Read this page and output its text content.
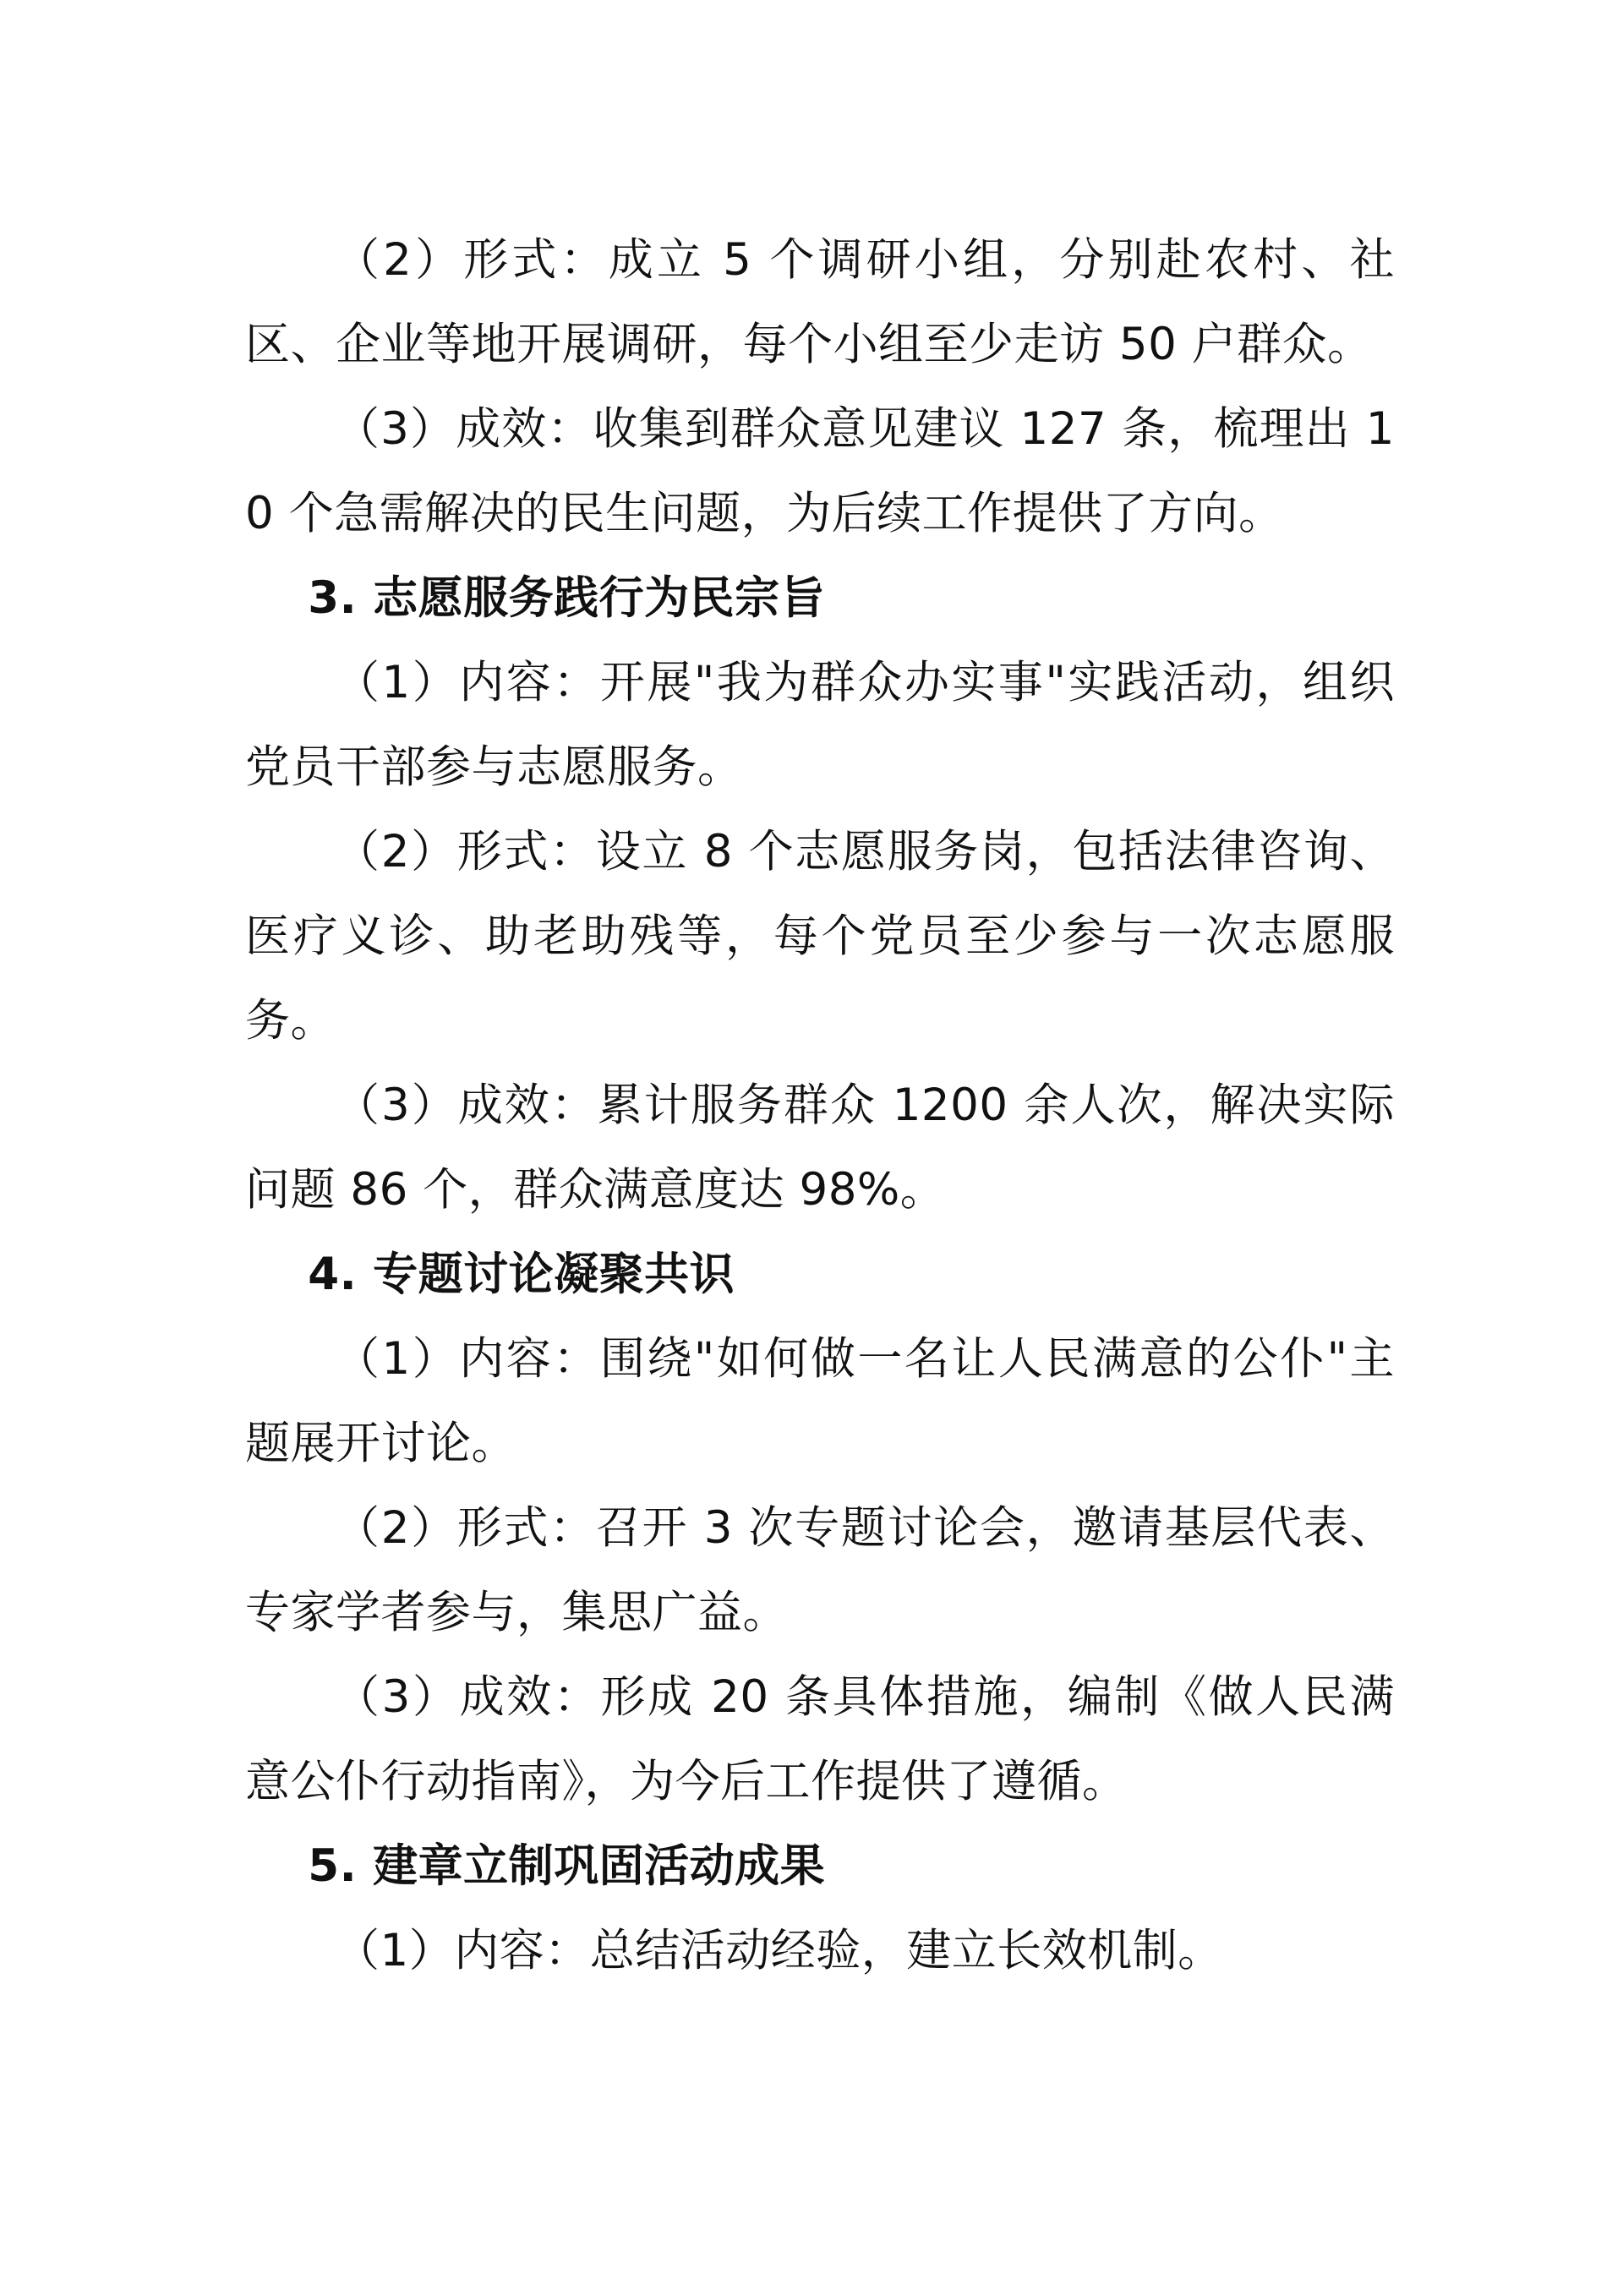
（2）形式：成立 5 个调研小组，分别赴农村、社区、企业等地开展调研，每个小组至少走访 50 户群众。

（3）成效：收集到群众意见建议 127 条，梳理出 10 个急需解决的民生问题，为后续工作提供了方向。

3. 志愿服务践行为民宗旨

（1）内容：开展"我为群众办实事"实践活动，组织党员干部参与志愿服务。

（2）形式：设立 8 个志愿服务岗，包括法律咨询、医疗义诊、助老助残等，每个党员至少参与一次志愿服务。

（3）成效：累计服务群众 1200 余人次，解决实际问题 86 个，群众满意度达 98%。

4. 专题讨论凝聚共识

（1）内容：围绕"如何做一名让人民满意的公仆"主题展开讨论。

（2）形式：召开 3 次专题讨论会，邀请基层代表、专家学者参与，集思广益。

（3）成效：形成 20 条具体措施，编制《做人民满意公仆行动指南》，为今后工作提供了遵循。

5. 建章立制巩固活动成果

（1）内容：总结活动经验，建立长效机制。
